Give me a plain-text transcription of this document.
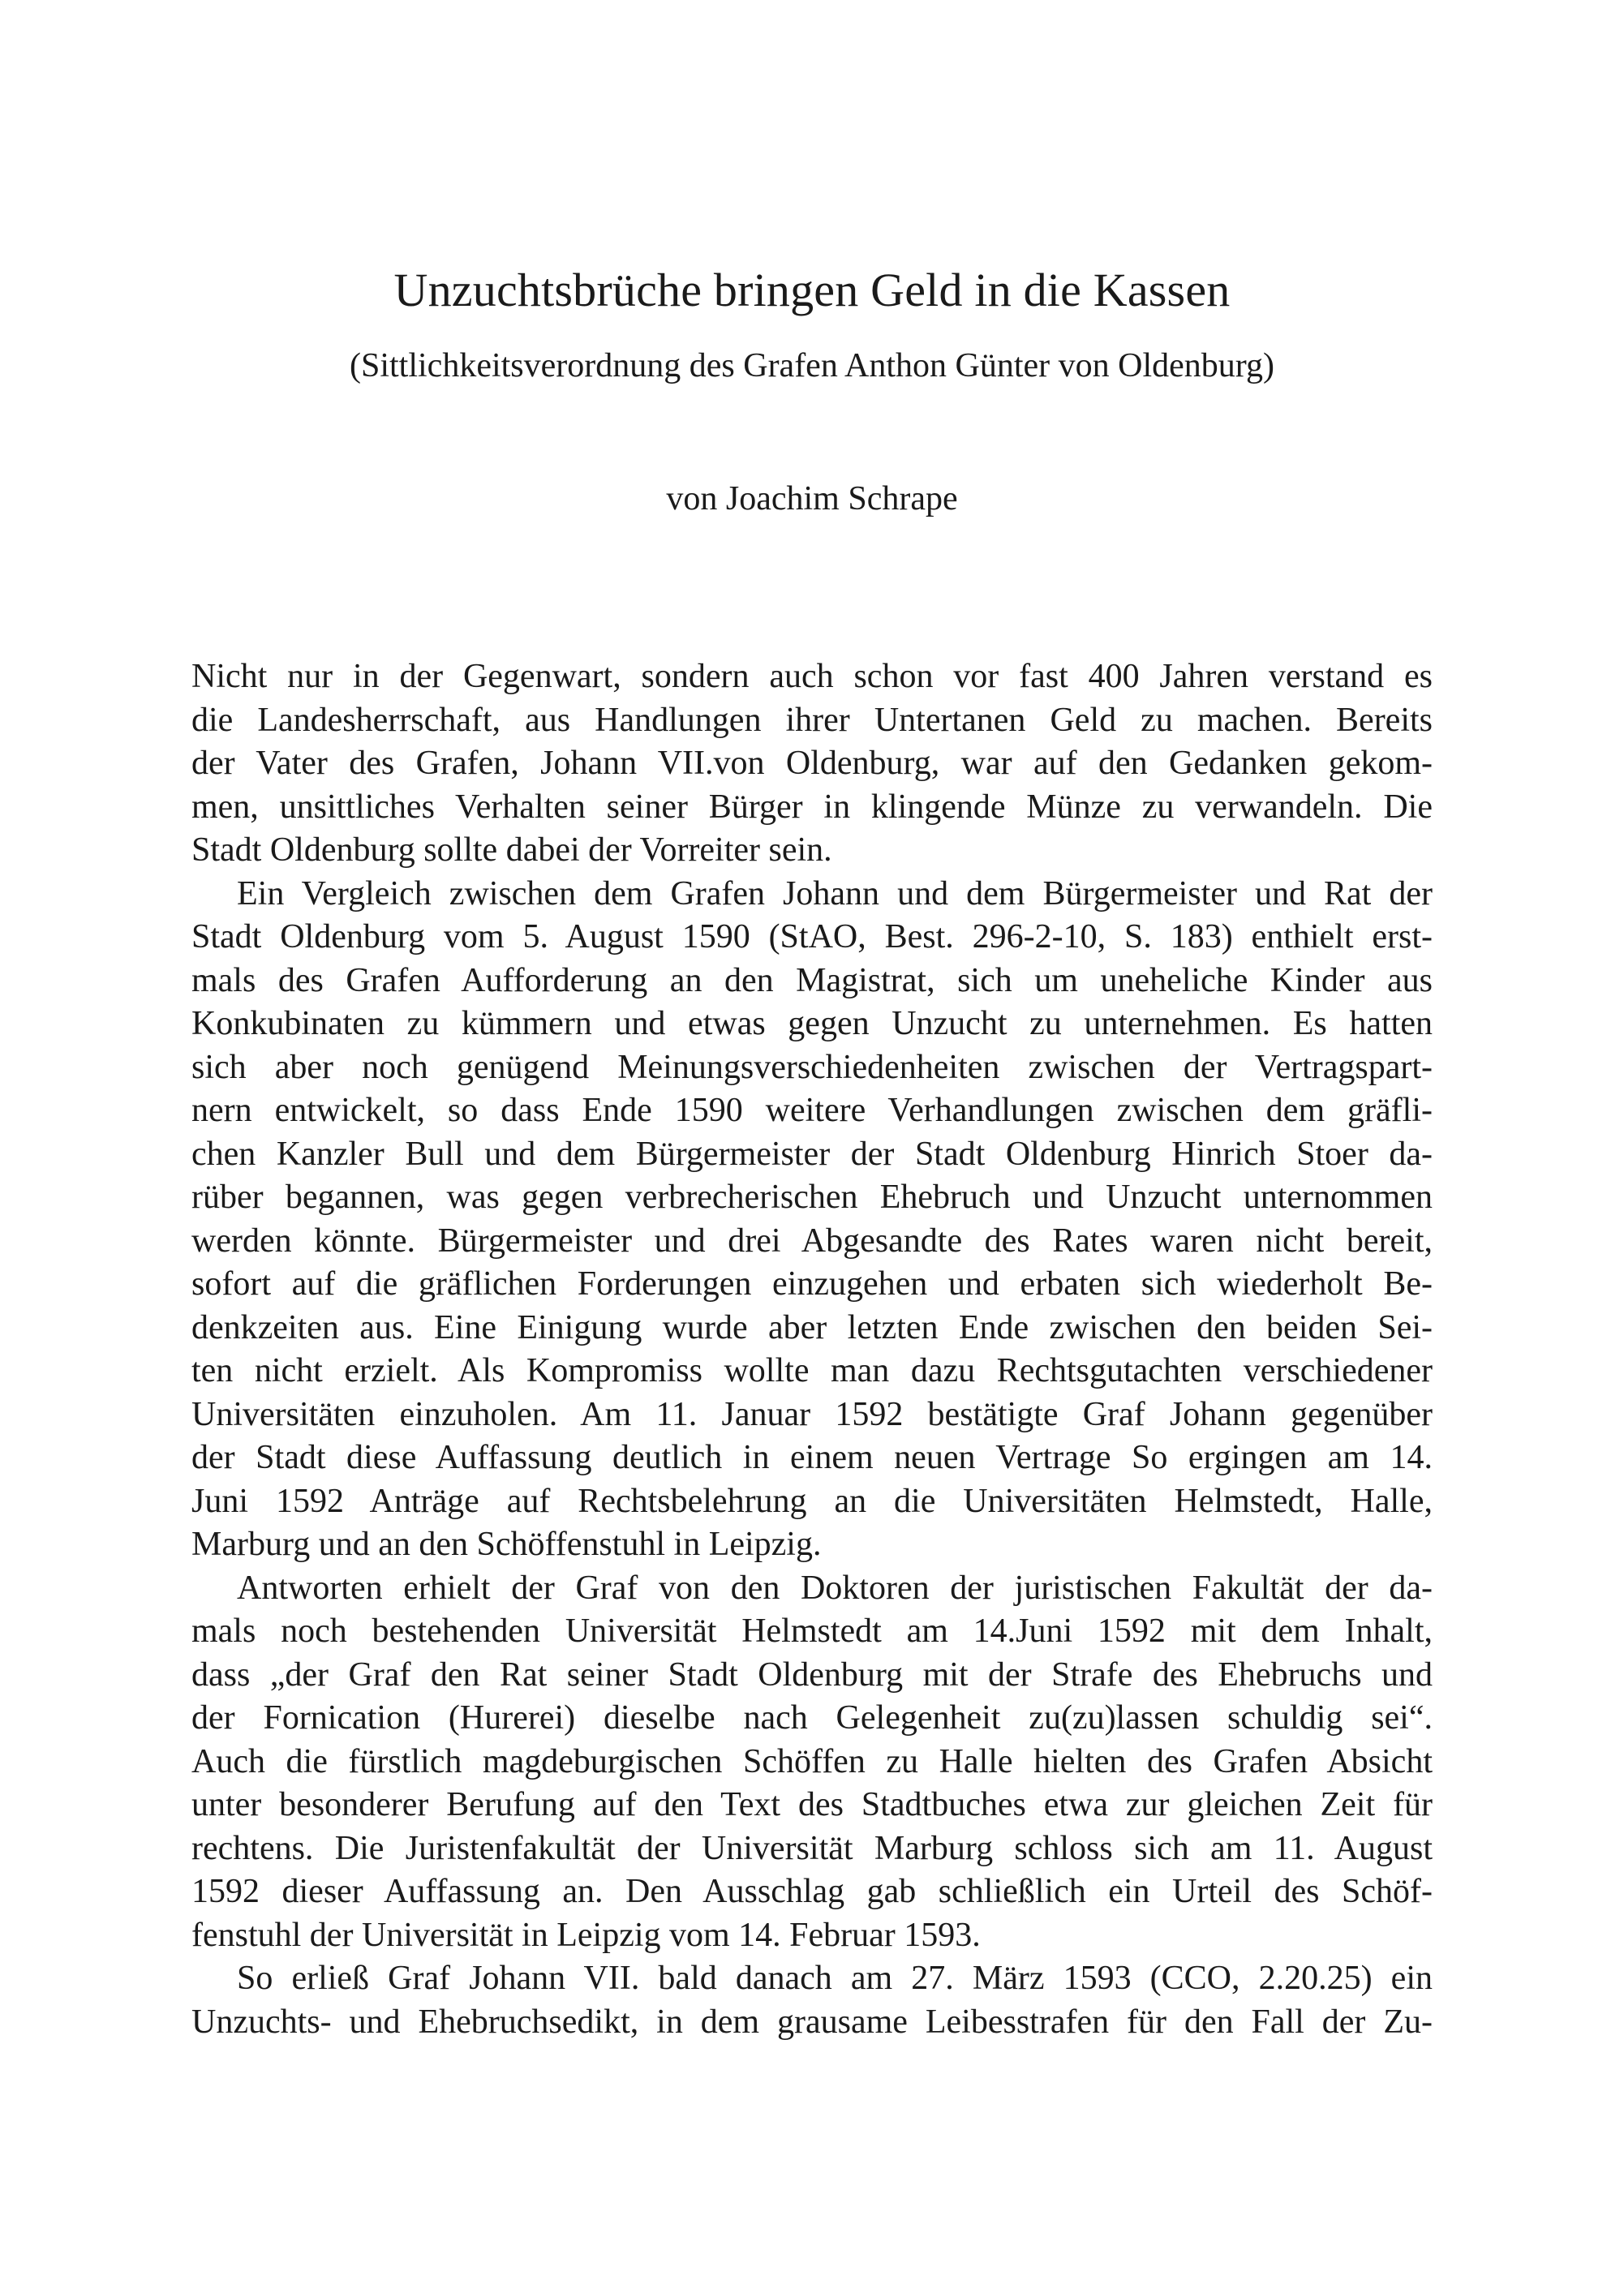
Unzuchtsbrüche bringen Geld in die Kassen
(Sittlichkeitsverordnung des Grafen Anthon Günter von Oldenburg)

von Joachim Schrape

Nicht nur in der Gegenwart, sondern auch schon vor fast 400 Jahren verstand es
die Landesherrschaft, aus Handlungen ihrer Untertanen Geld zu machen. Bereits
der Vater des Grafen, Johann VII.von Oldenburg, war auf den Gedanken gekom-
men, unsittliches Verhalten seiner Bürger in klingende Münze zu verwandeln. Die
Stadt Oldenburg sollte dabei der Vorreiter sein.
Ein Vergleich zwischen dem Grafen Johann und dem Bürgermeister und Rat der
Stadt Oldenburg vom 5. August 1590 (StAO, Best. 296-2-10, S. 183) enthielt erst-
mals des Grafen Aufforderung an den Magistrat, sich um uneheliche Kinder aus
Konkubinaten zu kümmern und etwas gegen Unzucht zu unternehmen. Es hatten
sich aber noch genügend Meinungsverschiedenheiten zwischen der Vertragspart-
nern entwickelt, so dass Ende 1590 weitere Verhandlungen zwischen dem gräfli-
chen Kanzler Bull und dem Bürgermeister der Stadt Oldenburg Hinrich Stoer da-
rüber begannen, was gegen verbrecherischen Ehebruch und Unzucht unternommen
werden könnte. Bürgermeister und drei Abgesandte des Rates waren nicht bereit,
sofort auf die gräflichen Forderungen einzugehen und erbaten sich wiederholt Be-
denkzeiten aus. Eine Einigung wurde aber letzten Ende zwischen den beiden Sei-
ten nicht erzielt. Als Kompromiss wollte man dazu Rechtsgutachten verschiedener
Universitäten einzuholen. Am 11. Januar 1592 bestätigte Graf Johann gegenüber
der Stadt diese Auffassung deutlich in einem neuen Vertrage So ergingen am 14.
Juni 1592 Anträge auf Rechtsbelehrung an die Universitäten Helmstedt, Halle,
Marburg und an den Schöffenstuhl in Leipzig.
Antworten erhielt der Graf von den Doktoren der juristischen Fakultät der da-
mals noch bestehenden Universität Helmstedt am 14.Juni 1592 mit dem Inhalt,
dass „der Graf den Rat seiner Stadt Oldenburg mit der Strafe des Ehebruchs und
der Fornication (Hurerei) dieselbe nach Gelegenheit zu(zu)lassen schuldig sei“.
Auch die fürstlich magdeburgischen Schöffen zu Halle hielten des Grafen Absicht
unter besonderer Berufung auf den Text des Stadtbuches etwa zur gleichen Zeit für
rechtens. Die Juristenfakultät der Universität Marburg schloss sich am 11. August
1592 dieser Auffassung an. Den Ausschlag gab schließlich ein Urteil des Schöf-
fenstuhl der Universität in Leipzig vom 14. Februar 1593.
So erließ Graf Johann VII. bald danach am 27. März 1593 (CCO, 2.20.25) ein
Unzuchts- und Ehebruchsedikt, in dem grausame Leibesstrafen für den Fall der Zu-
